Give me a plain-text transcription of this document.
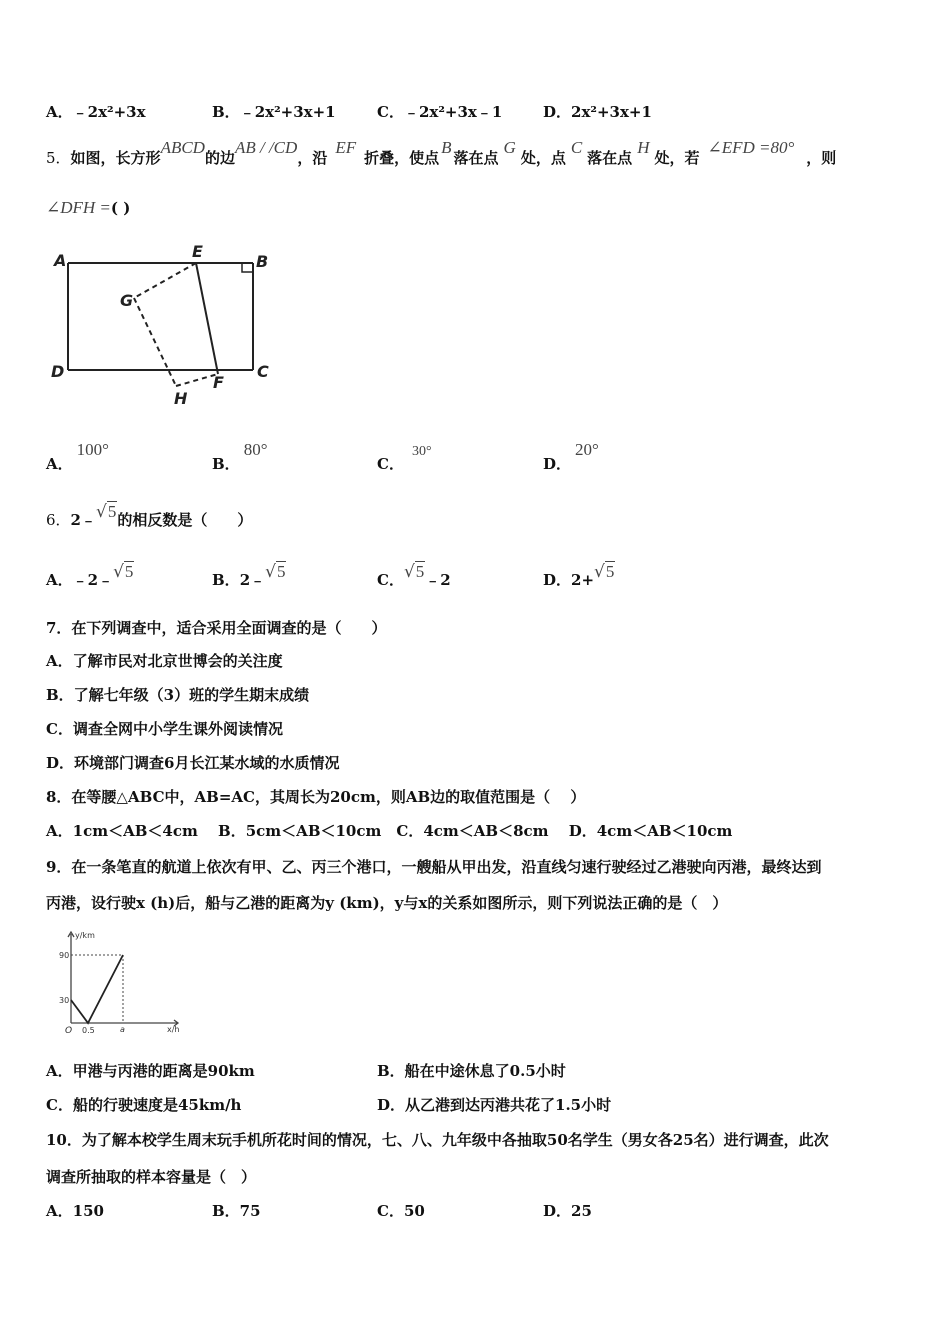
A．﹣2x²+3x	B．﹣2x²+3x+1	C．﹣2x²+3x﹣1	D．2x²+3x+1
5．如图，长方形ABCD的边AB / /CD，沿EF折叠，使点B落在点G处，点C落在点H处，若∠EFD =80°，则
∠DFH =( )
A	E
B
G
D	C
H
F
A．100°
B．80°
C．30°
D．20°
6．2﹣√5的相反数是（　　）
A．﹣2﹣√5	B．2﹣√5	C．√5﹣2	D．2+√5
7．在下列调查中，适合采用全面调查的是（　　）
A．了解市民对北京世博会的关注度
B．了解七年级（3）班的学生期末成绩
C．调查全网中小学生课外阅读情况
D．环境部门调查6月长江某水域的水质情况
8．在等腰△ABC中，AB=AC，其周长为20cm，则AB边的取值范围是（　 ）
A．1cm＜AB＜4cm　 B．5cm＜AB＜10cm　C．4cm＜AB＜8cm　 D．4cm＜AB＜10cm
9．在一条笔直的航道上依次有甲、乙、丙三个港口，一艘船从甲出发，沿直线匀速行驶经过乙港驶向丙港，最终达到
丙港，设行驶x (h)后，船与乙港的距离为y (km)，y与x的关系如图所示，则下列说法正确的是（　）
y/km
x/h
90
30
O 0.5	a
A．甲港与丙港的距离是90km	B．船在中途休息了0.5小时
C．船的行驶速度是45km/h	D．从乙港到达丙港共花了1.5小时
10．为了解本校学生周末玩手机所花时间的情况，七、八、九年级中各抽取50名学生（男女各25名）进行调查，此次
调查所抽取的样本容量是（　）
A．150	B．75	C．50	D．25
